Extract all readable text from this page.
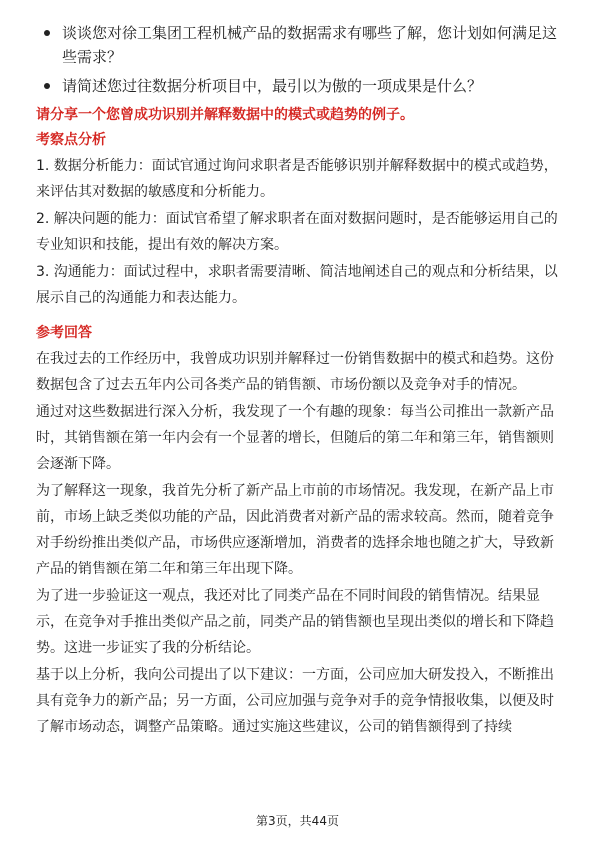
谈谈您对徐工集团工程机械产品的数据需求有哪些了解，您计划如何满足这些需求？
请简述您过往数据分析项目中，最引以为傲的一项成果是什么？
请分享一个您曾成功识别并解释数据中的模式或趋势的例子。
考察点分析

1. 数据分析能力：面试官通过询问求职者是否能够识别并解释数据中的模式或趋势，来评估其对数据的敏感度和分析能力。

2. 解决问题的能力：面试官希望了解求职者在面对数据问题时，是否能够运用自己的专业知识和技能，提出有效的解决方案。

3. 沟通能力：面试过程中，求职者需要清晰、简洁地阐述自己的观点和分析结果，以展示自己的沟通能力和表达能力。

参考回答

在我过去的工作经历中，我曾成功识别并解释过一份销售数据中的模式和趋势。这份数据包含了过去五年内公司各类产品的销售额、市场份额以及竞争对手的情况。

通过对这些数据进行深入分析，我发现了一个有趣的现象：每当公司推出一款新产品时，其销售额在第一年内会有一个显著的增长，但随后的第二年和第三年，销售额则会逐渐下降。

为了解释这一现象，我首先分析了新产品上市前的市场情况。我发现，在新产品上市前，市场上缺乏类似功能的产品，因此消费者对新产品的需求较高。然而，随着竞争对手纷纷推出类似产品，市场供应逐渐增加，消费者的选择余地也随之扩大，导致新产品的销售额在第二年和第三年出现下降。

为了进一步验证这一观点，我还对比了同类产品在不同时间段的销售情况。结果显示，在竞争对手推出类似产品之前，同类产品的销售额也呈现出类似的增长和下降趋势。这进一步证实了我的分析结论。

基于以上分析，我向公司提出了以下建议：一方面，公司应加大研发投入，不断推出具有竞争力的新产品；另一方面，公司应加强与竞争对手的竞争情报收集，以便及时了解市场动态，调整产品策略。通过实施这些建议，公司的销售额得到了持续

第3页，共44页
